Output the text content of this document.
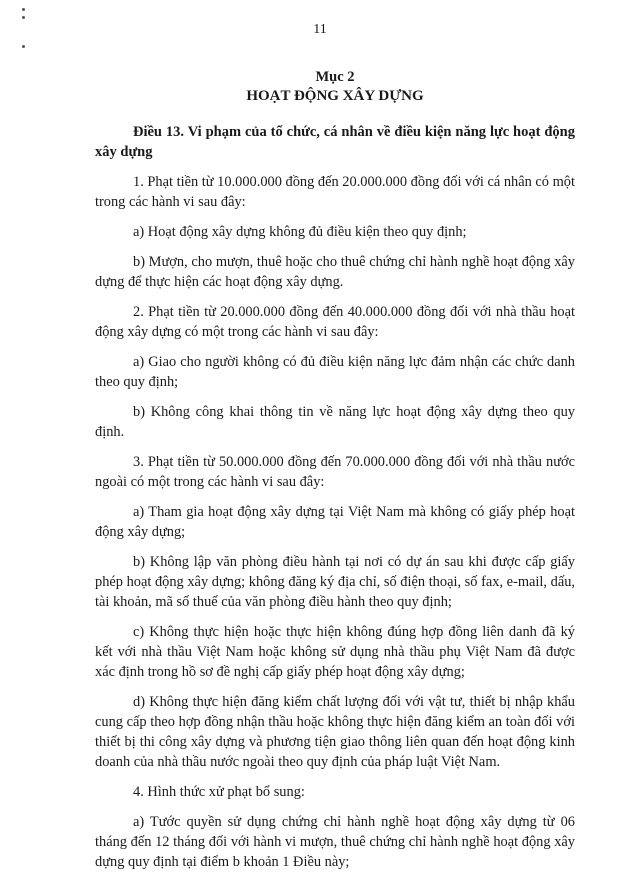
11

Mục 2

HOẠT ĐỘNG XÂY DỰNG

Điều 13. Vi phạm của tổ chức, cá nhân về điều kiện năng lực hoạt động xây dựng

1. Phạt tiền từ 10.000.000 đồng đến 20.000.000 đồng đối với cá nhân có một trong các hành vi sau đây:

a) Hoạt động xây dựng không đủ điều kiện theo quy định;

b) Mượn, cho mượn, thuê hoặc cho thuê chứng chỉ hành nghề hoạt động xây dựng để thực hiện các hoạt động xây dựng.

2. Phạt tiền từ 20.000.000 đồng đến 40.000.000 đồng đối với nhà thầu hoạt động xây dựng có một trong các hành vi sau đây:

a) Giao cho người không có đủ điều kiện năng lực đảm nhận các chức danh theo quy định;

b) Không công khai thông tin về năng lực hoạt động xây dựng theo quy định.

3. Phạt tiền từ 50.000.000 đồng đến 70.000.000 đồng đối với nhà thầu nước ngoài có một trong các hành vi sau đây:

a) Tham gia hoạt động xây dựng tại Việt Nam mà không có giấy phép hoạt động xây dựng;

b) Không lập văn phòng điều hành tại nơi có dự án sau khi được cấp giấy phép hoạt động xây dựng; không đăng ký địa chỉ, số điện thoại, số fax, e-mail, dấu, tài khoản, mã số thuế của văn phòng điều hành theo quy định;

c) Không thực hiện hoặc thực hiện không đúng hợp đồng liên danh đã ký kết với nhà thầu Việt Nam hoặc không sử dụng nhà thầu phụ Việt Nam đã được xác định trong hồ sơ đề nghị cấp giấy phép hoạt động xây dựng;

d) Không thực hiện đăng kiểm chất lượng đối với vật tư, thiết bị nhập khẩu cung cấp theo hợp đồng nhận thầu hoặc không thực hiện đăng kiểm an toàn đối với thiết bị thi công xây dựng và phương tiện giao thông liên quan đến hoạt động kinh doanh của nhà thầu nước ngoài theo quy định của pháp luật Việt Nam.

4. Hình thức xử phạt bổ sung:

a) Tước quyền sử dụng chứng chỉ hành nghề hoạt động xây dựng từ 06 tháng đến 12 tháng đối với hành vi mượn, thuê chứng chỉ hành nghề hoạt động xây dựng quy định tại điểm b khoản 1 Điều này;
